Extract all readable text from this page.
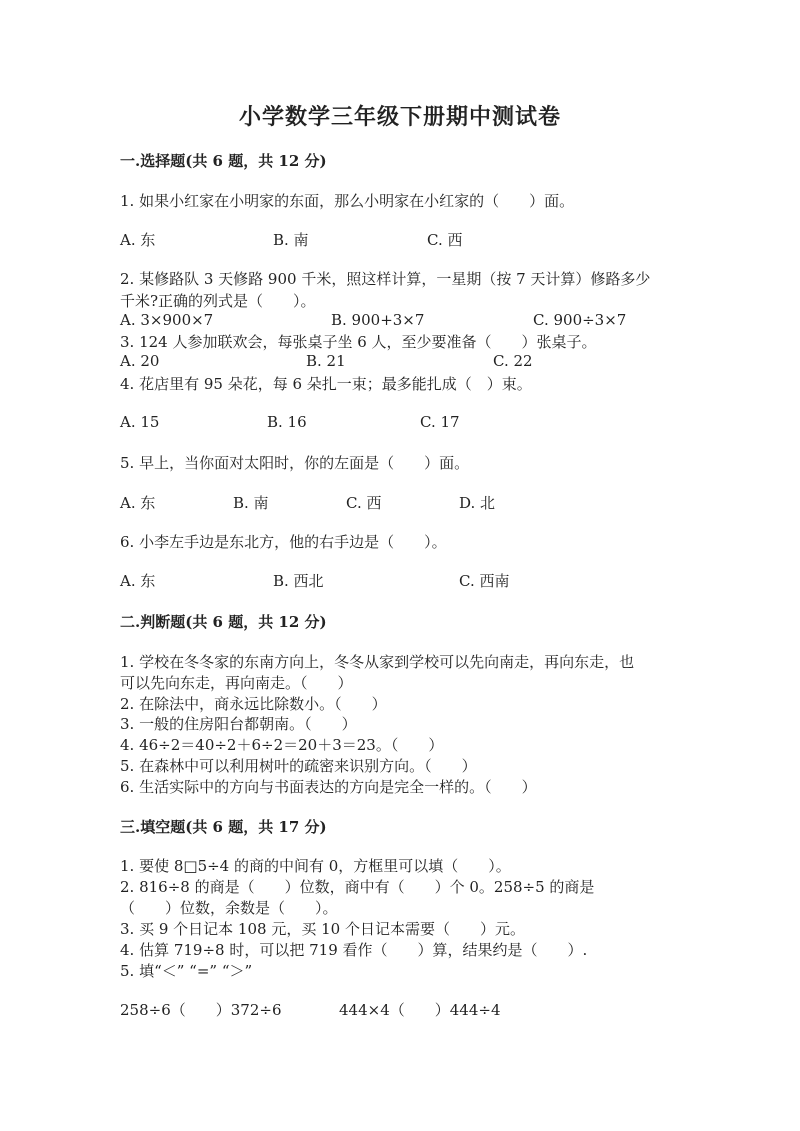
小学数学三年级下册期中测试卷
一.选择题(共 6 题，共 12 分)
1. 如果小红家在小明家的东面，那么小明家在小红家的（　　）面。
A. 东	B. 南	C. 西
2. 某修路队 3 天修路 900 千米，照这样计算，一星期（按 7 天计算）修路多少
千米?正确的列式是（　　）。
A. 3×900×7	B. 900+3×7	C. 900÷3×7
3. 124 人参加联欢会，每张桌子坐 6 人，至少要准备（　　）张桌子。
A. 20	B. 21	C. 22
4. 花店里有 95 朵花，每 6 朵扎一束；最多能扎成（　）束。
A. 15	B. 16	C. 17
5. 早上，当你面对太阳时，你的左面是（　　）面。
A. 东	B. 南	C. 西	D. 北
6. 小李左手边是东北方，他的右手边是（　　）。
A. 东	B. 西北	C. 西南
二.判断题(共 6 题，共 12 分)
1. 学校在冬冬家的东南方向上，冬冬从家到学校可以先向南走，再向东走，也
可以先向东走，再向南走。（　　）
2. 在除法中，商永远比除数小。（　　）
3. 一般的住房阳台都朝南。（　　）
4. 46÷2＝40÷2＋6÷2＝20＋3＝23。（　　）
5. 在森林中可以利用树叶的疏密来识别方向。（　　）
6. 生活实际中的方向与书面表达的方向是完全一样的。（　　）
三.填空题(共 6 题，共 17 分)
1. 要使 8□5÷4 的商的中间有 0，方框里可以填（　　）。
2. 816÷8 的商是（　　）位数，商中有（　　）个 0。258÷5 的商是
（　　）位数，余数是（　　）。
3. 买 9 个日记本 108 元，买 10 个日记本需要（　　）元。
4. 估算 719÷8 时，可以把 719 看作（　　）算，结果约是（　　）.
5. 填“＜” “=” “＞”
258÷6（　　）372÷6	444×4（　　）444÷4
